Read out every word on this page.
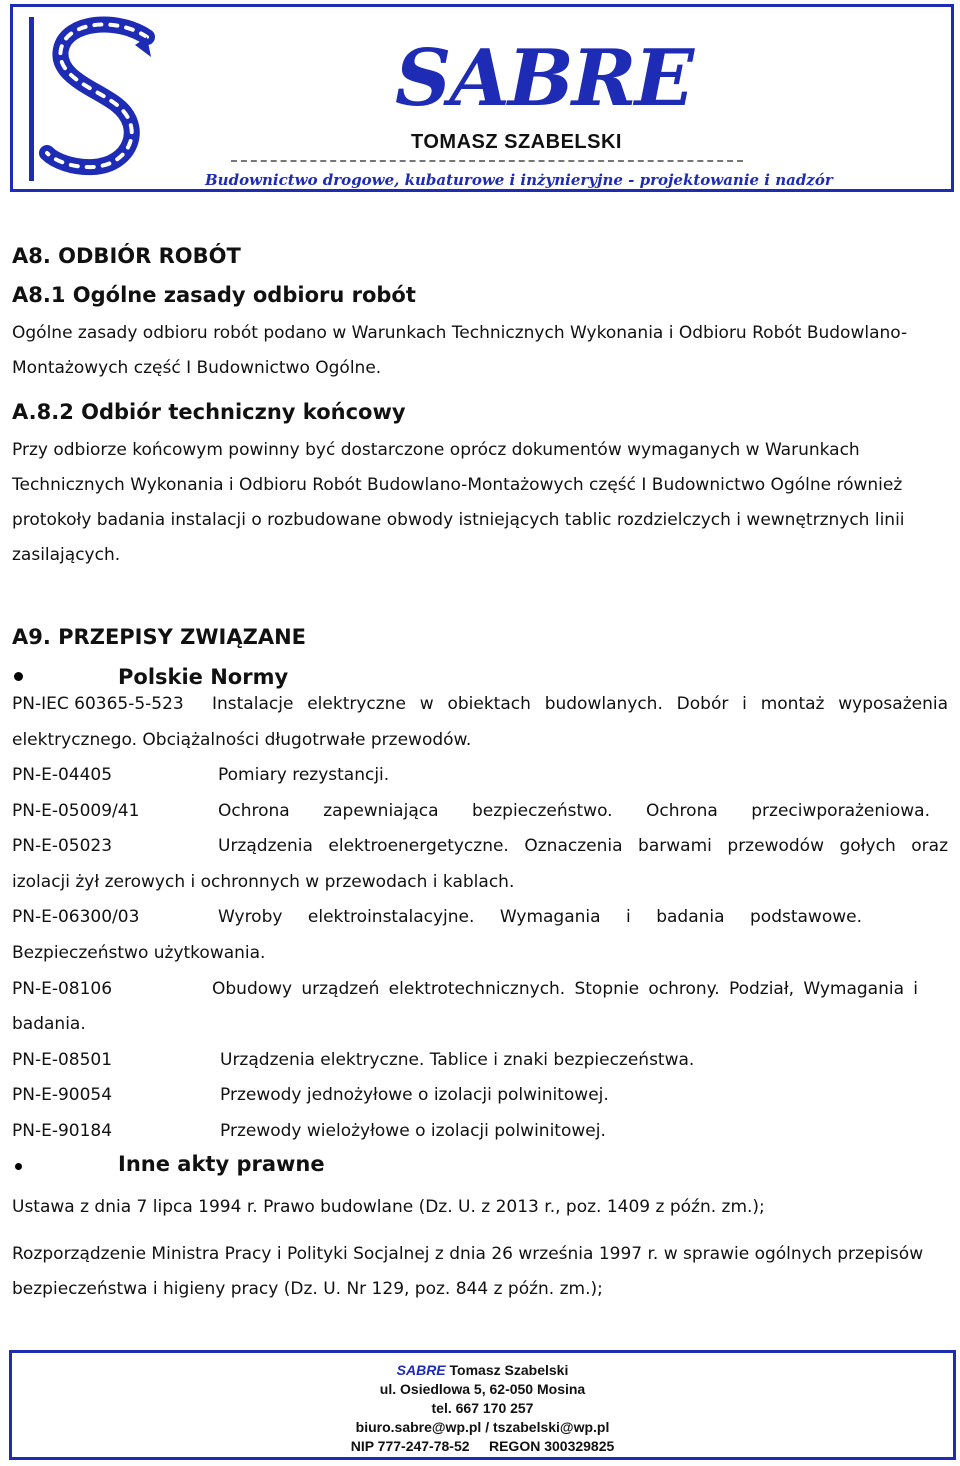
SABRE
TOMASZ SZABELSKI
Budownictwo drogowe, kubaturowe i inżynieryjne - projektowanie i nadzór
A8. ODBIÓR ROBÓT
A8.1 Ogólne zasady odbioru robót
Ogólne zasady odbioru robót podano w Warunkach Technicznych Wykonania i Odbioru Robót Budowlano-Montażowych część I Budownictwo Ogólne.
A.8.2 Odbiór techniczny końcowy
Przy odbiorze końcowym powinny być dostarczone oprócz dokumentów wymaganych w Warunkach Technicznych Wykonania i Odbioru Robót Budowlano-Montażowych część I Budownictwo Ogólne również protokoły badania instalacji o rozbudowane obwody istniejących tablic rozdzielczych i wewnętrznych linii zasilających.
A9. PRZEPISY ZWIĄZANE
Polskie Normy
PN-IEC 60365-5-523 Instalacje elektryczne w obiektach budowlanych. Dobór i montaż wyposażenia
elektrycznego. Obciążalności długotrwałe przewodów.
PN-E-04405	Pomiary rezystancji.
PN-E-05009/41	Ochrona zapewniająca bezpieczeństwo. Ochrona przeciwporażeniowa.
PN-E-05023	Urządzenia elektroenergetyczne. Oznaczenia barwami przewodów gołych oraz
izolacji żył zerowych i ochronnych w przewodach i kablach.
PN-E-06300/03	Wyroby elektroinstalacyjne. Wymagania i badania podstawowe.
Bezpieczeństwo użytkowania.
PN-E-08106	Obudowy urządzeń elektrotechnicznych. Stopnie ochrony. Podział, Wymagania i
badania.
PN-E-08501	Urządzenia elektryczne. Tablice i znaki bezpieczeństwa.
PN-E-90054	Przewody jednożyłowe o izolacji polwinitowej.
PN-E-90184	Przewody wielożyłowe o izolacji polwinitowej.
Inne akty prawne
Ustawa z dnia 7 lipca 1994 r. Prawo budowlane (Dz. U. z 2013 r., poz. 1409 z późn. zm.);
Rozporządzenie Ministra Pracy i Polityki Socjalnej z dnia 26 września 1997 r. w sprawie ogólnych przepisów bezpieczeństwa i higieny pracy (Dz. U. Nr 129, poz. 844 z późn. zm.);
SABRE Tomasz Szabelski
ul. Osiedlowa 5, 62-050 Mosina
tel. 667 170 257
biuro.sabre@wp.pl / tszabelski@wp.pl
NIP 777-247-78-52 REGON 300329825
